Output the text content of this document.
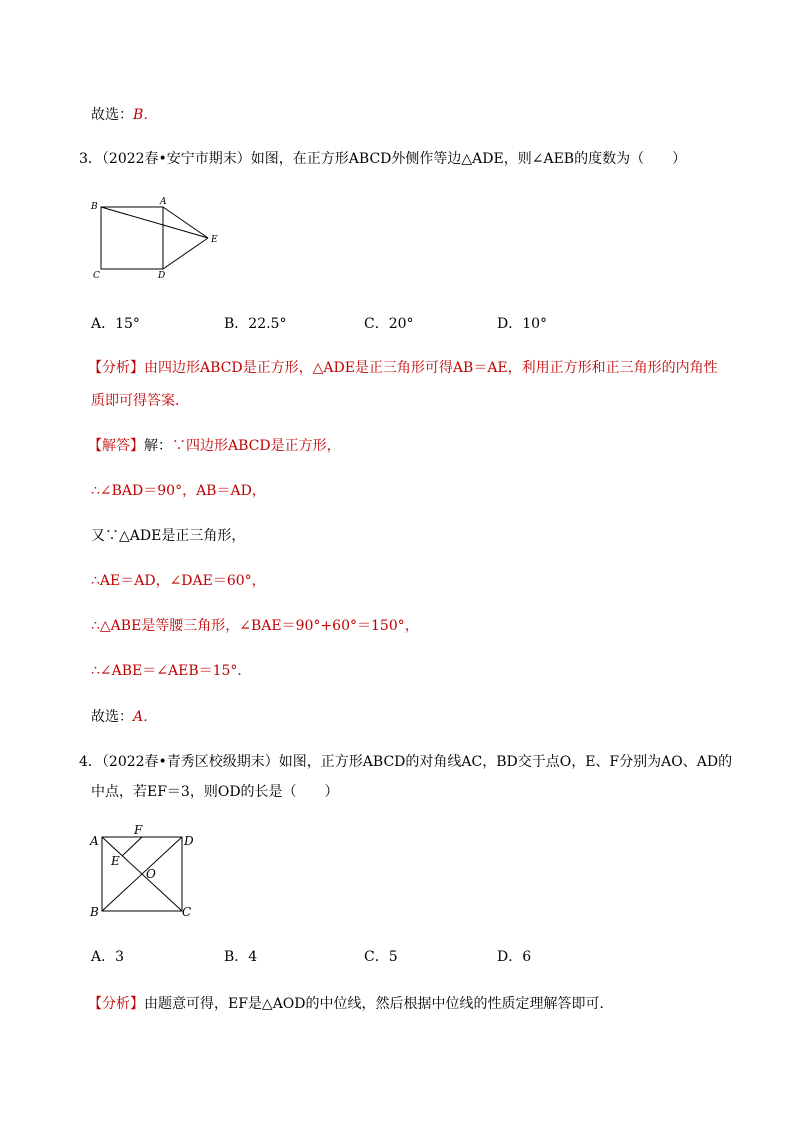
故选：B．
3．（2022春•安宁市期末）如图，在正方形ABCD外侧作等边△ADE，则∠AEB的度数为（　　）
B	A
E
C	D
A．15°	B．22.5°	C．20°	D．10°
【分析】由四边形ABCD是正方形，△ADE是正三角形可得AB＝AE，利用正方形和正三角形的内角性
质即可得答案．
【解答】解：∵四边形ABCD是正方形，
∴∠BAD＝90°，AB＝AD，
又∵△ADE是正三角形，
∴AE＝AD，∠DAE＝60°，
∴△ABE是等腰三角形，∠BAE＝90°+60°＝150°，
∴∠ABE＝∠AEB＝15°．
故选：A．
4．（2022春•青秀区校级期末）如图，正方形ABCD的对角线AC，BD交于点O，E、F分别为AO、AD的
中点，若EF＝3，则OD的长是（　　）
A
F
D
E
O
B	C
A．3	B．4	C．5	D．6
【分析】由题意可得，EF是△AOD的中位线，然后根据中位线的性质定理解答即可．
